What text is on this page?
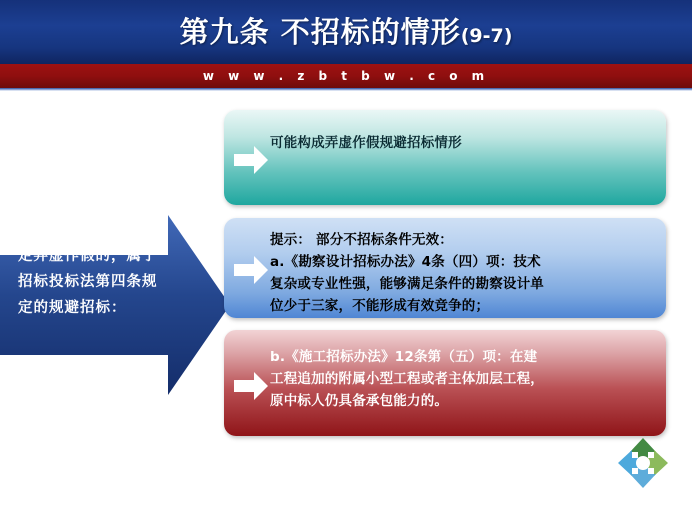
第九条 不招标的情形(9-7)
w w w . z b t b w . c o m
招标人为适用前款规定弄虚作假的，属于招标投标法第四条规定的规避招标：
可能构成弄虚作假规避招标情形
提示： 部分不招标条件无效：
a.《勘察设计招标办法》4条（四）项：技术
复杂或专业性强，能够满足条件的勘察设计单
位少于三家，不能形成有效竞争的；
b.《施工招标办法》12条第（五）项：在建
工程追加的附属小型工程或者主体加层工程，
原中标人仍具备承包能力的。
